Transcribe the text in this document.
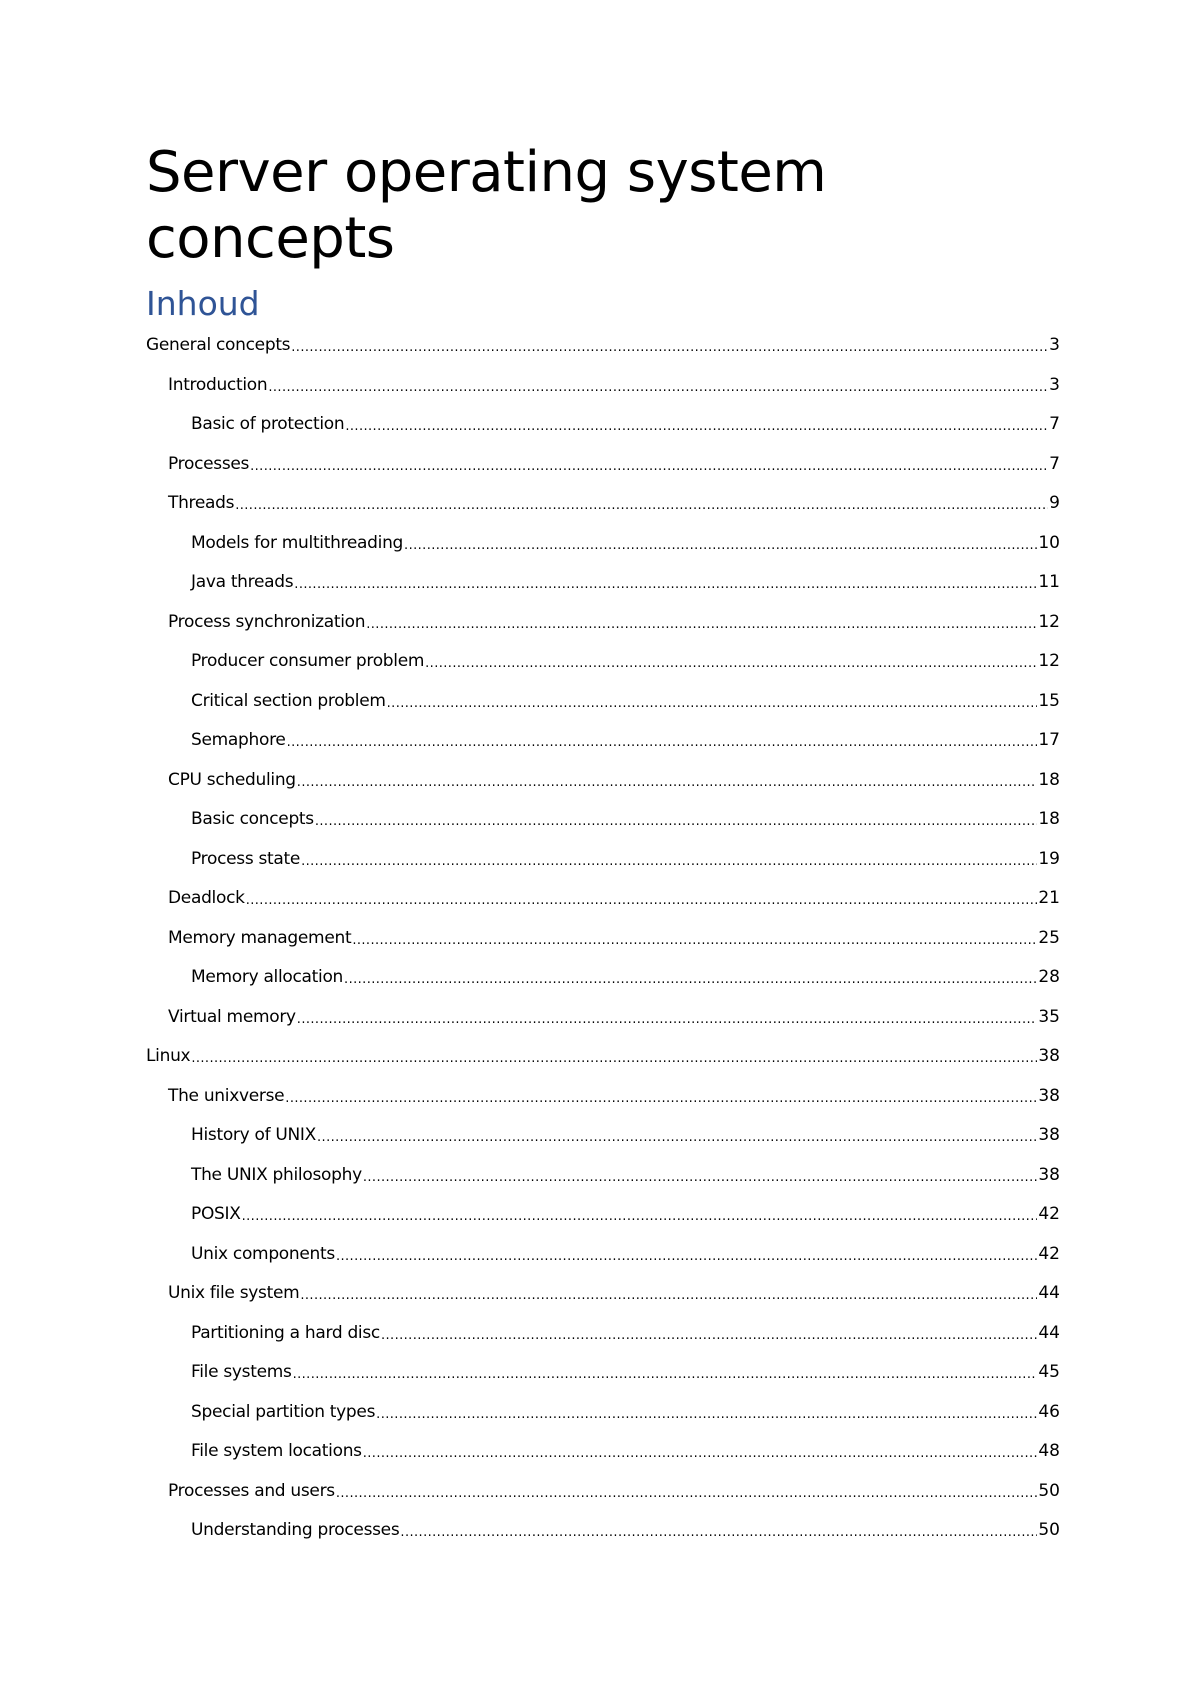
Server operating system concepts
Inhoud
General concepts .....	3
Introduction .....	3
Basic of protection .....	7
Processes .....	7
Threads .....	9
Models for multithreading .....	10
Java threads .....	11
Process synchronization .....	12
Producer consumer problem .....	12
Critical section problem .....	15
Semaphore .....	17
CPU scheduling .....	18
Basic concepts .....	18
Process state .....	19
Deadlock .....	21
Memory management .....	25
Memory allocation .....	28
Virtual memory .....	35
Linux .....	38
The unixverse .....	38
History of UNIX .....	38
The UNIX philosophy .....	38
POSIX .....	42
Unix components .....	42
Unix file system .....	44
Partitioning a hard disc .....	44
File systems .....	45
Special partition types .....	46
File system locations .....	48
Processes and users .....	50
Understanding processes .....	50
